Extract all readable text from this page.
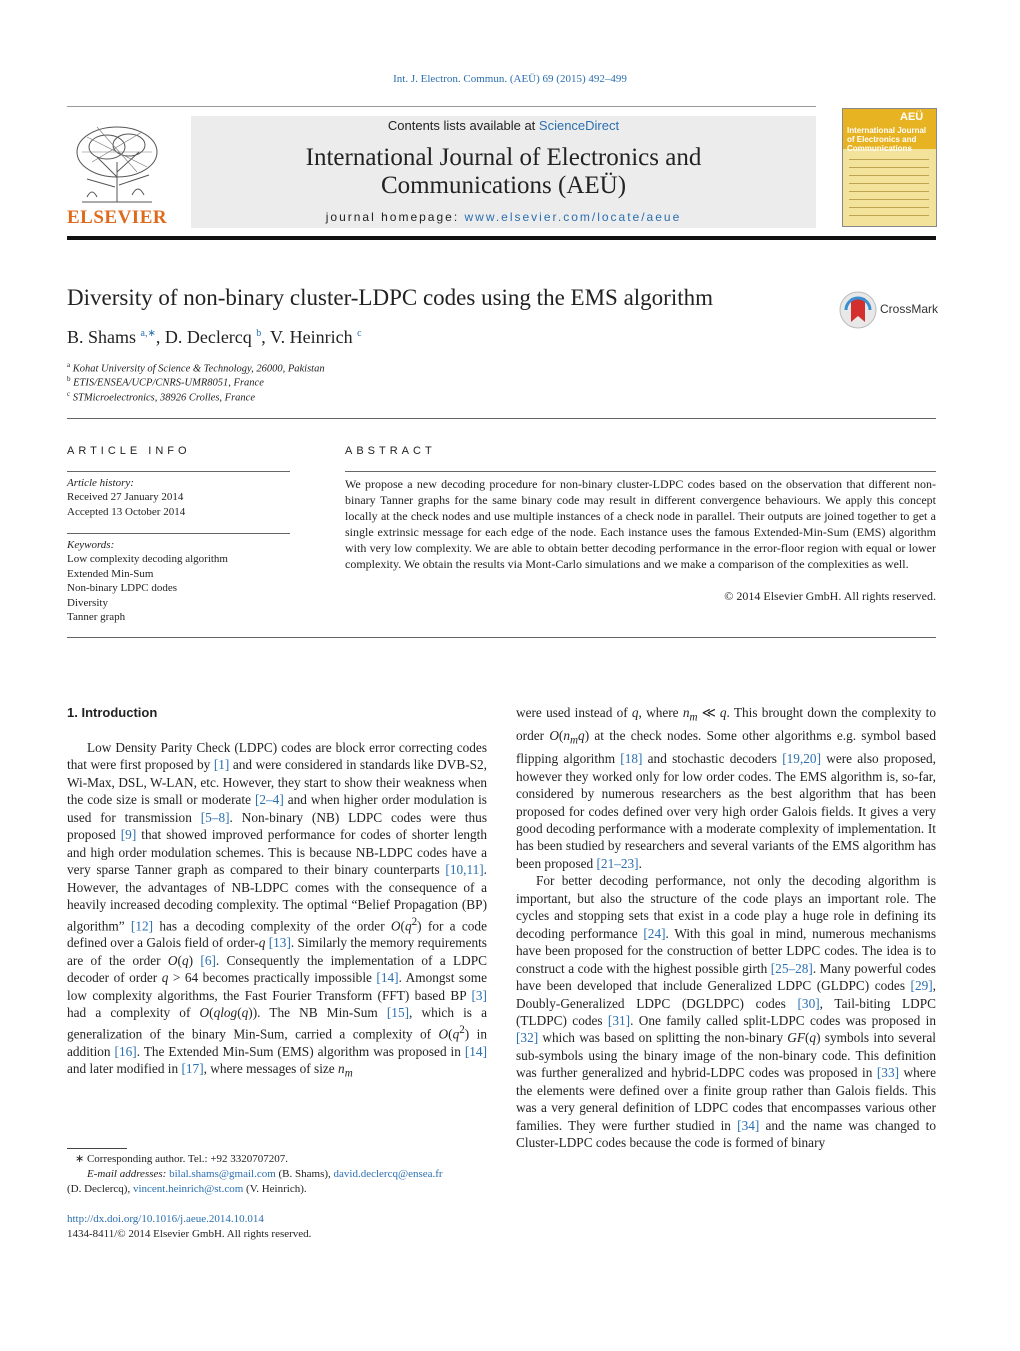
Int. J. Electron. Commun. (AEÜ) 69 (2015) 492–499
ELSEVIER
Contents lists available at ScienceDirect
International Journal of Electronics and
Communications (AEÜ)
journal homepage: www.elsevier.com/locate/aeue
AEÜ
International Journal of Electronics and Communications
Diversity of non-binary cluster-LDPC codes using the EMS algorithm	CrossMark
B. Shams $^{a,∗}$, D. Declercq $^b$, V. Heinrich $^c$
$^a$ Kohat University of Science & Technology, 26000, Pakistan
$^b$ ETIS/ENSEA/UCP/CNRS-UMR8051, France
$^c$ STMicroelectronics, 38926 Crolles, France
ARTICLE INFO
Article history:
Received 27 January 2014
Accepted 13 October 2014
Keywords:
Low complexity decoding algorithm
Extended Min-Sum
Non-binary LDPC dodes
Diversity
Tanner graph
ABSTRACT
We propose a new decoding procedure for non-binary cluster-LDPC codes based on the observation that different non-binary Tanner graphs for the same binary code may result in different convergence behaviours. We apply this concept locally at the check nodes and use multiple instances of a check node in parallel. Their outputs are joined together to get a single extrinsic message for each edge of the node. Each instance uses the famous Extended-Min-Sum (EMS) algorithm with very low complexity. We are able to obtain better decoding performance in the error-floor region with equal or lower complexity. We obtain the results via Mont-Carlo simulations and we make a comparison of the complexities as well.
© 2014 Elsevier GmbH. All rights reserved.
1. Introduction

Low Density Parity Check (LDPC) codes are block error correcting codes that were first proposed by [1] and were considered in standards like DVB-S2, Wi-Max, DSL, W-LAN, etc. However, they start to show their weakness when the code size is small or moderate [2–4] and when higher order modulation is used for transmission [5–8]. Non-binary (NB) LDPC codes were thus proposed [9] that showed improved performance for codes of shorter length and high order modulation schemes. This is because NB-LDPC codes have a very sparse Tanner graph as compared to their binary counterparts [10,11]. However, the advantages of NB-LDPC comes with the consequence of a heavily increased decoding complexity. The optimal “Belief Propagation (BP) algorithm” [12] has a decoding complexity of the order $O(q^2)$ for a code defined over a Galois field of order-q [13]. Similarly the memory requirements are of the order O(q) [6]. Consequently the implementation of a LDPC decoder of order q > 64 becomes practically impossible [14]. Amongst some low complexity algorithms, the Fast Fourier Transform (FFT) based BP [3] had a complexity of O(qlog(q)). The NB Min-Sum [15], which is a generalization of the binary Min-Sum, carried a complexity of $O(q^2)$ in addition [16]. The Extended Min-Sum (EMS) algorithm was proposed in [14] and later modified in [17], where messages of size $n_m$

were used instead of q, where $n_m$ ≪ q. This brought down the complexity to order $O(n_mq)$ at the check nodes. Some other algorithms e.g. symbol based flipping algorithm [18] and stochastic decoders [19,20] were also proposed, however they worked only for low order codes. The EMS algorithm is, so-far, considered by numerous researchers as the best algorithm that has been proposed for codes defined over very high order Galois fields. It gives a very good decoding performance with a moderate complexity of implementation. It has been studied by researchers and several variants of the EMS algorithm has been proposed [21–23].

For better decoding performance, not only the decoding algorithm is important, but also the structure of the code plays an important role. The cycles and stopping sets that exist in a code play a huge role in defining its decoding performance [24]. With this goal in mind, numerous mechanisms have been proposed for the construction of better LDPC codes. The idea is to construct a code with the highest possible girth [25–28]. Many powerful codes have been developed that include Generalized LDPC (GLDPC) codes [29], Doubly-Generalized LDPC (DGLDPC) codes [30], Tail-biting LDPC (TLDPC) codes [31]. One family called split-LDPC codes was proposed in [32] which was based on splitting the non-binary GF(q) symbols into several sub-symbols using the binary image of the non-binary code. This definition was further generalized and hybrid-LDPC codes was proposed in [33] where the elements were defined over a finite group rather than Galois fields. This was a very general definition of LDPC codes that encompasses various other families. They were further studied in [34] and the name was changed to Cluster-LDPC codes because the code is formed of binary

∗ Corresponding author. Tel.: +92 3320707207.
E-mail addresses: bilal.shams@gmail.com (B. Shams), david.declercq@ensea.fr
(D. Declercq), vincent.heinrich@st.com (V. Heinrich).
http://dx.doi.org/10.1016/j.aeue.2014.10.014
1434-8411/© 2014 Elsevier GmbH. All rights reserved.
